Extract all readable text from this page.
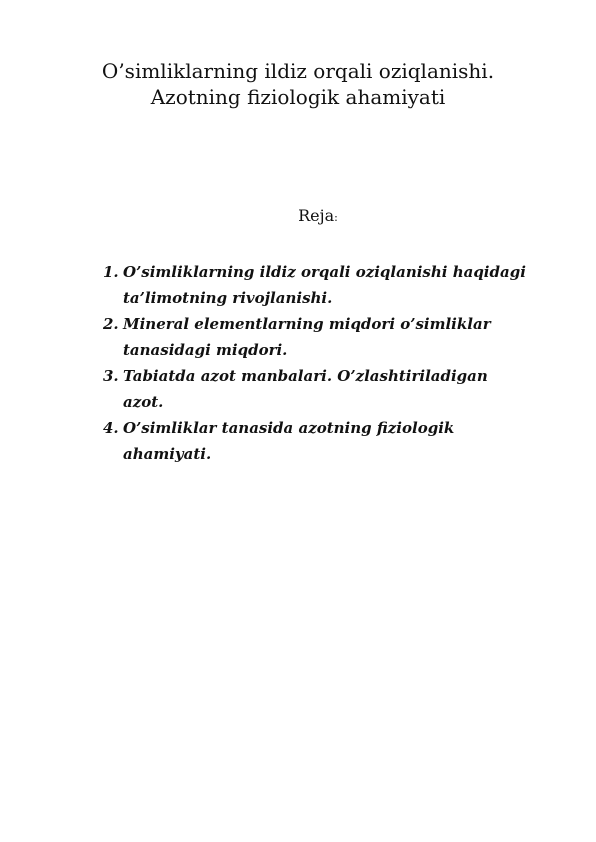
O’simliklarning ildiz orqali oziqlanishi.
Azotning fiziologik ahamiyati

Reja:

1. O’simliklarning ildiz orqali oziqlanishi haqidagi
ta’limotning rivojlanishi.
2. Mineral elementlarning miqdori o’simliklar
tanasidagi miqdori.
3. Tabiatda azot manbalari. O’zlashtiriladigan
azot.
4. O’simliklar tanasida azotning fiziologik
ahamiyati.
